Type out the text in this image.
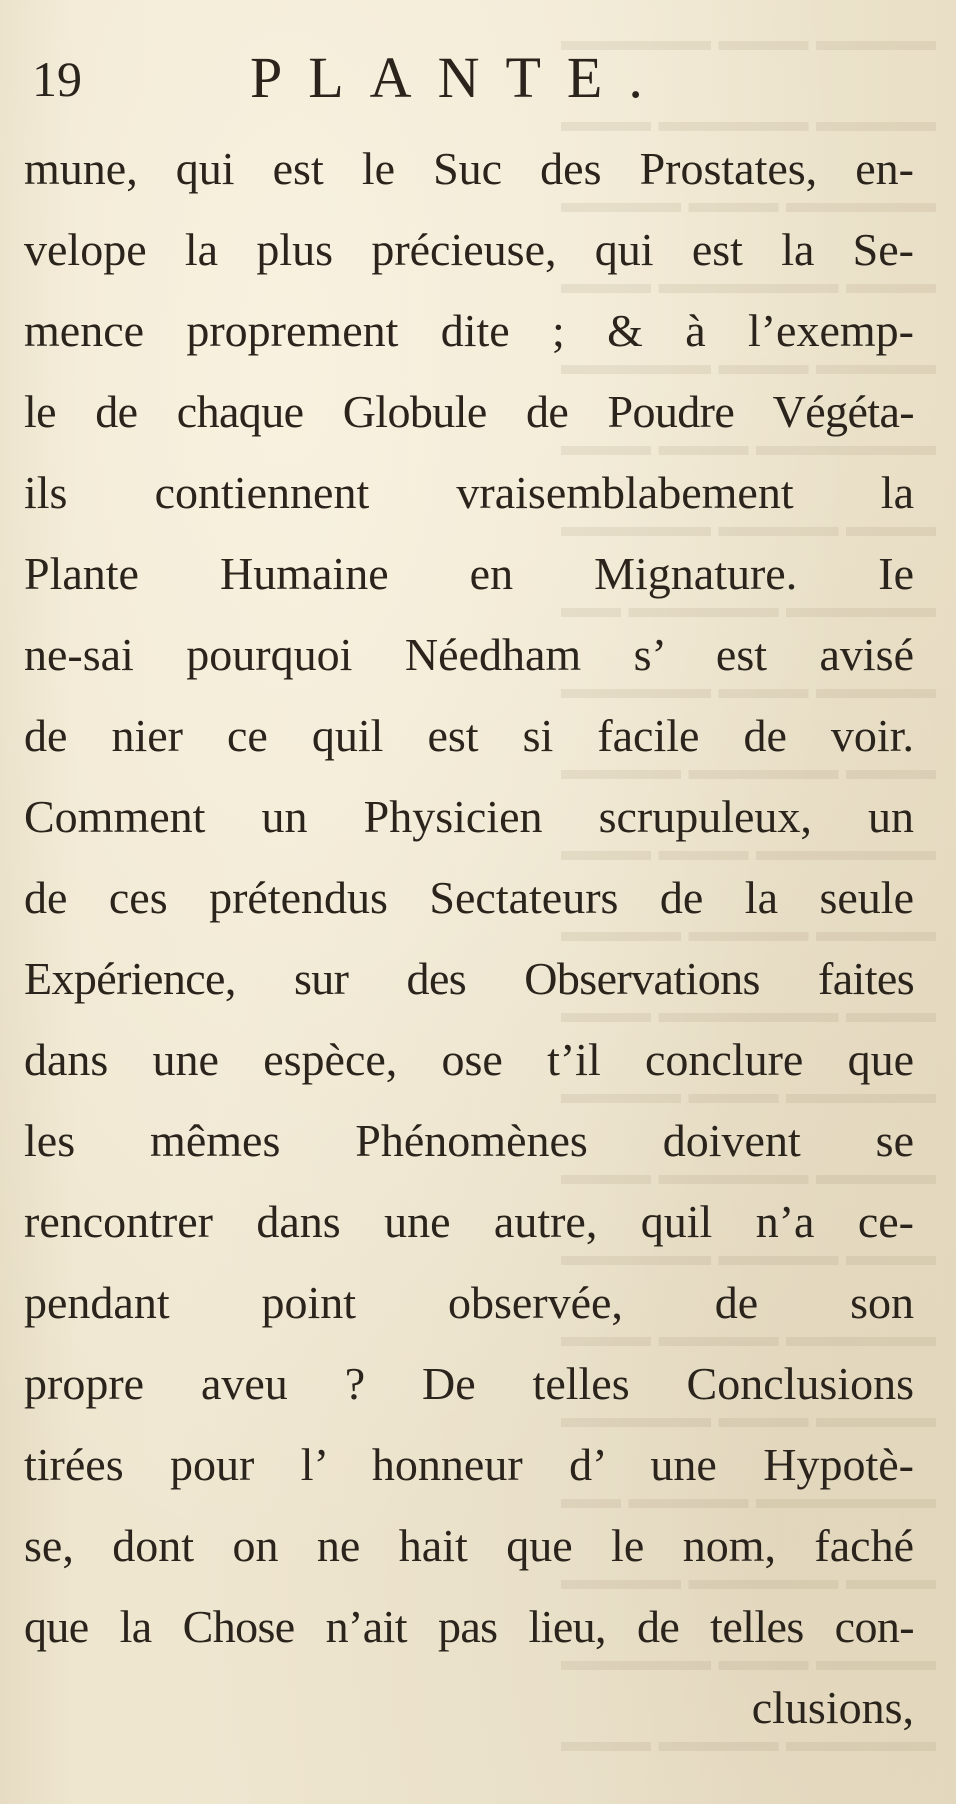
▬▬▬▬ ▬▬▬ ▬▬▬▬▬
▬▬▬▬ ▬▬▬▬▬ ▬▬▬
▬▬▬▬▬ ▬▬▬ ▬▬▬▬
▬▬▬ ▬▬▬▬▬▬ ▬▬▬
▬▬▬▬ ▬▬▬ ▬▬▬▬▬
▬▬▬▬▬▬ ▬▬▬ ▬▬▬
▬▬▬ ▬▬▬▬ ▬▬▬▬▬
▬▬▬▬▬ ▬▬▬▬▬ ▬▬
▬▬▬▬ ▬▬▬ ▬▬▬▬▬
▬▬▬ ▬▬▬▬▬ ▬▬▬▬
▬▬▬▬▬▬ ▬▬▬ ▬▬▬
▬▬▬▬ ▬▬▬▬ ▬▬▬▬
▬▬▬ ▬▬▬▬▬▬ ▬▬▬
▬▬▬▬▬ ▬▬▬ ▬▬▬▬
▬▬▬▬ ▬▬▬▬▬ ▬▬▬
▬▬▬ ▬▬▬▬ ▬▬▬▬▬
▬▬▬▬▬ ▬▬▬▬ ▬▬▬
▬▬▬▬ ▬▬▬ ▬▬▬▬▬
▬▬▬▬▬▬ ▬▬▬▬ ▬▬
▬▬▬ ▬▬▬▬▬ ▬▬▬▬
▬▬▬▬ ▬▬▬ ▬▬▬▬▬
▬▬▬▬▬ ▬▬▬▬ ▬▬▬
19	PLANTE.
mune, qui est le Suc des Prostates, en-
velope la plus précieuse, qui est la Se-
mence proprement dite ; & à l’exemp-
le de chaque Globule de Poudre Végéta-
ils contiennent vraisemblabement la
Plante Humaine en Mignature. Ie
ne-sai pourquoi Néedham s’ est avisé
de nier ce quil est si facile de voir.
Comment un Physicien scrupuleux, un
de ces prétendus Sectateurs de la seule
Expérience, sur des Observations faites
dans une espèce, ose t’il conclure que
les mêmes Phénomènes doivent se
rencontrer dans une autre, quil n’a ce-
pendant point observée, de son
propre aveu ? De telles Conclusions
tirées pour l’ honneur d’ une Hypotè-
se, dont on ne hait que le nom, faché
que la Chose n’ait pas lieu, de telles con-
clusions,
